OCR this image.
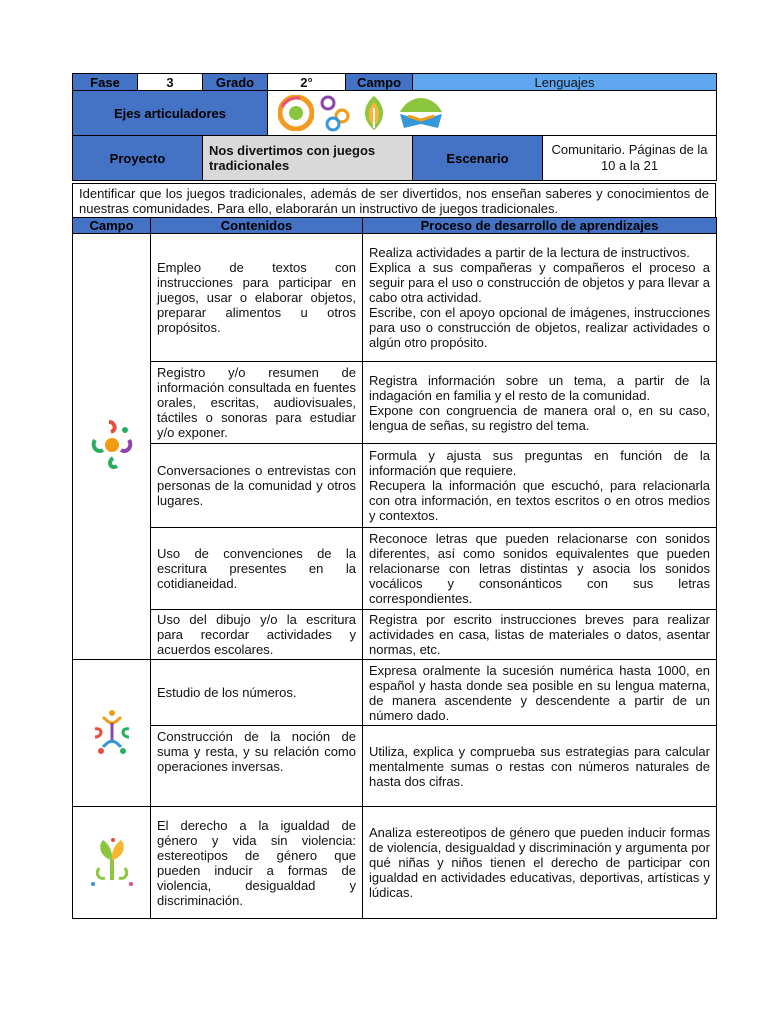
Fase	3	Grado	2°	Campo	Lenguajes	
Ejes articuladores	

Proyecto		Nos divertimos con juegos tradicionales			Escenario	Comunitario. Páginas de la 10 a la 21
Identificar que los juegos tradicionales, además de ser divertidos, nos enseñan saberes y conocimientos de nuestras comunidades. Para ello, elaborarán un instructivo de juegos tradicionales.
Campo	Contenidos	Proceso de desarrollo de aprendizajes
	Empleo de textos con instrucciones para participar en juegos, usar o elaborar objetos, preparar alimentos u otros propósitos.	Realiza actividades a partir de la lectura de instructivos.
Explica a sus compañeras y compañeros el proceso a seguir para el uso o construcción de objetos y para llevar a cabo otra actividad.
Escribe, con el apoyo opcional de imágenes, instrucciones para uso o construcción de objetos, realizar actividades o algún otro propósito.
	Registro y/o resumen de información consultada en fuentes orales, escritas, audiovisuales, táctiles o sonoras para estudiar y/o exponer.	Registra información sobre un tema, a partir de la indagación en familia y el resto de la comunidad.
Expone con congruencia de manera oral o, en su caso, lengua de señas, su registro del tema.
	Conversaciones o entrevistas con personas de la comunidad y otros lugares.	Formula y ajusta sus preguntas en función de la información que requiere.
Recupera la información que escuchó, para relacionarla con otra información, en textos escritos o en otros medios y contextos.
	Uso de convenciones de la escritura presentes en la cotidianeidad.	Reconoce letras que pueden relacionarse con sonidos diferentes, así como sonidos equivalentes que pueden relacionarse con letras distintas y asocia los sonidos vocálicos y consonánticos con sus letras correspondientes.
	Uso del dibujo y/o la escritura para recordar actividades y acuerdos escolares.	Registra por escrito instrucciones breves para realizar actividades en casa, listas de materiales o datos, asentar normas, etc.
	Estudio de los números.	Expresa oralmente la sucesión numérica hasta 1000, en español y hasta donde sea posible en su lengua materna, de manera ascendente y descendente a partir de un número dado.
	Construcción de la noción de suma y resta, y su relación como operaciones inversas.	Utiliza, explica y comprueba sus estrategias para calcular mentalmente sumas o restas con números naturales de hasta dos cifras.
	El derecho a la igualdad de género y vida sin violencia: estereotipos de género que pueden inducir a formas de violencia, desigualdad y discriminación.	Analiza estereotipos de género que pueden inducir formas de violencia, desigualdad y discriminación y argumenta por qué niñas y niños tienen el derecho de participar con igualdad en actividades educativas, deportivas, artísticas y lúdicas.
